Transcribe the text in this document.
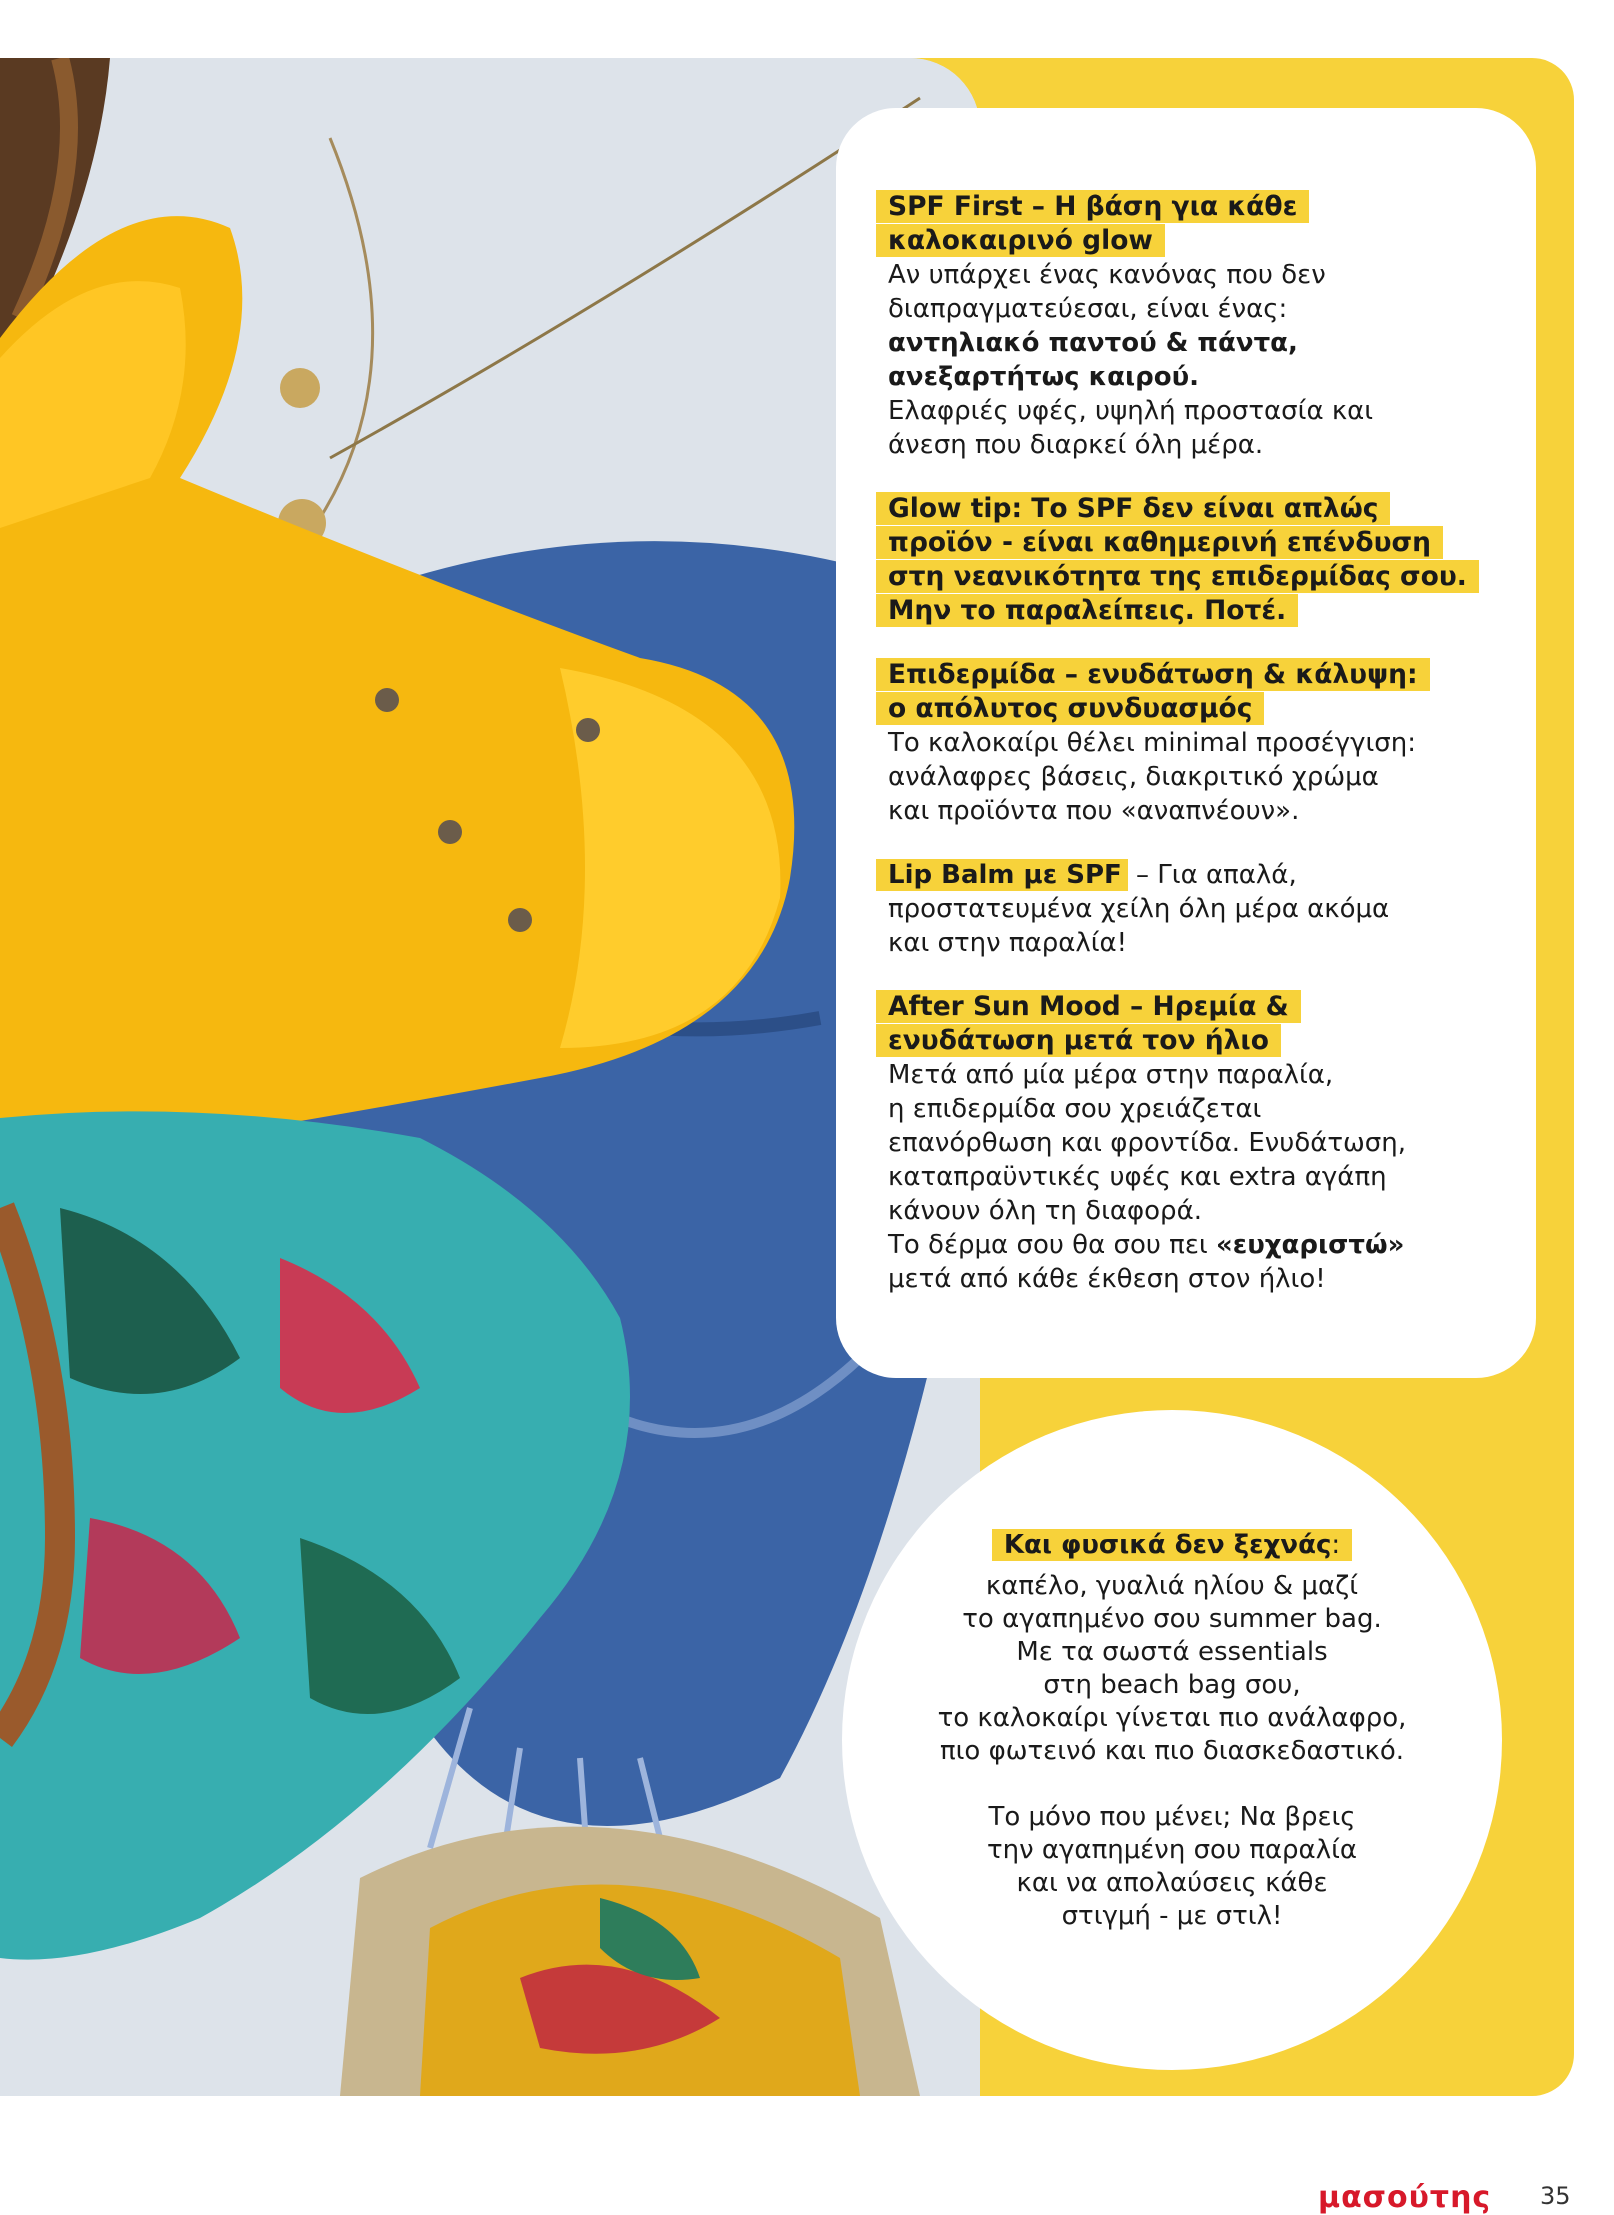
SPF First – Η βάση για κάθε
καλοκαιρινό glow

Αν υπάρχει ένας κανόνας που δεν
διαπραγματεύεσαι, είναι ένας:
αντηλιακό παντού & πάντα,
ανεξαρτήτως καιρού.
Ελαφριές υφές, υψηλή προστασία και
άνεση που διαρκεί όλη μέρα.

Glow tip: Το SPF δεν είναι απλώς
προϊόν - είναι καθημερινή επένδυση
στη νεανικότητα της επιδερμίδας σου.
Μην το παραλείπεις. Ποτέ.
Επιδερμίδα – ενυδάτωση & κάλυψη:
ο απόλυτος συνδυασμός

Το καλοκαίρι θέλει minimal προσέγγιση:
ανάλαφρες βάσεις, διακριτικό χρώμα
και προϊόντα που «αναπνέουν».

Lip Balm με SPF – Για απαλά,
προστατευμένα χείλη όλη μέρα ακόμα
και στην παραλία!

After Sun Mood – Ηρεμία &
ενυδάτωση μετά τον ήλιο

Μετά από μία μέρα στην παραλία,
η επιδερμίδα σου χρειάζεται
επανόρθωση και φροντίδα. Ενυδάτωση,
καταπραϋντικές υφές και extra αγάπη
κάνουν όλη τη διαφορά.
Το δέρμα σου θα σου πει «ευχαριστώ»
μετά από κάθε έκθεση στον ήλιο!

Και φυσικά δεν ξεχνάς:

καπέλο, γυαλιά ηλίου & μαζί

το αγαπημένο σου summer bag.

Με τα σωστά essentials

στη beach bag σου,

το καλοκαίρι γίνεται πιο ανάλαφρο,

πιο φωτεινό και πιο διασκεδαστικό.

Το μόνο που μένει; Να βρεις

την αγαπημένη σου παραλία

και να απολαύσεις κάθε

στιγμή - με στιλ!

μασούτης 35
